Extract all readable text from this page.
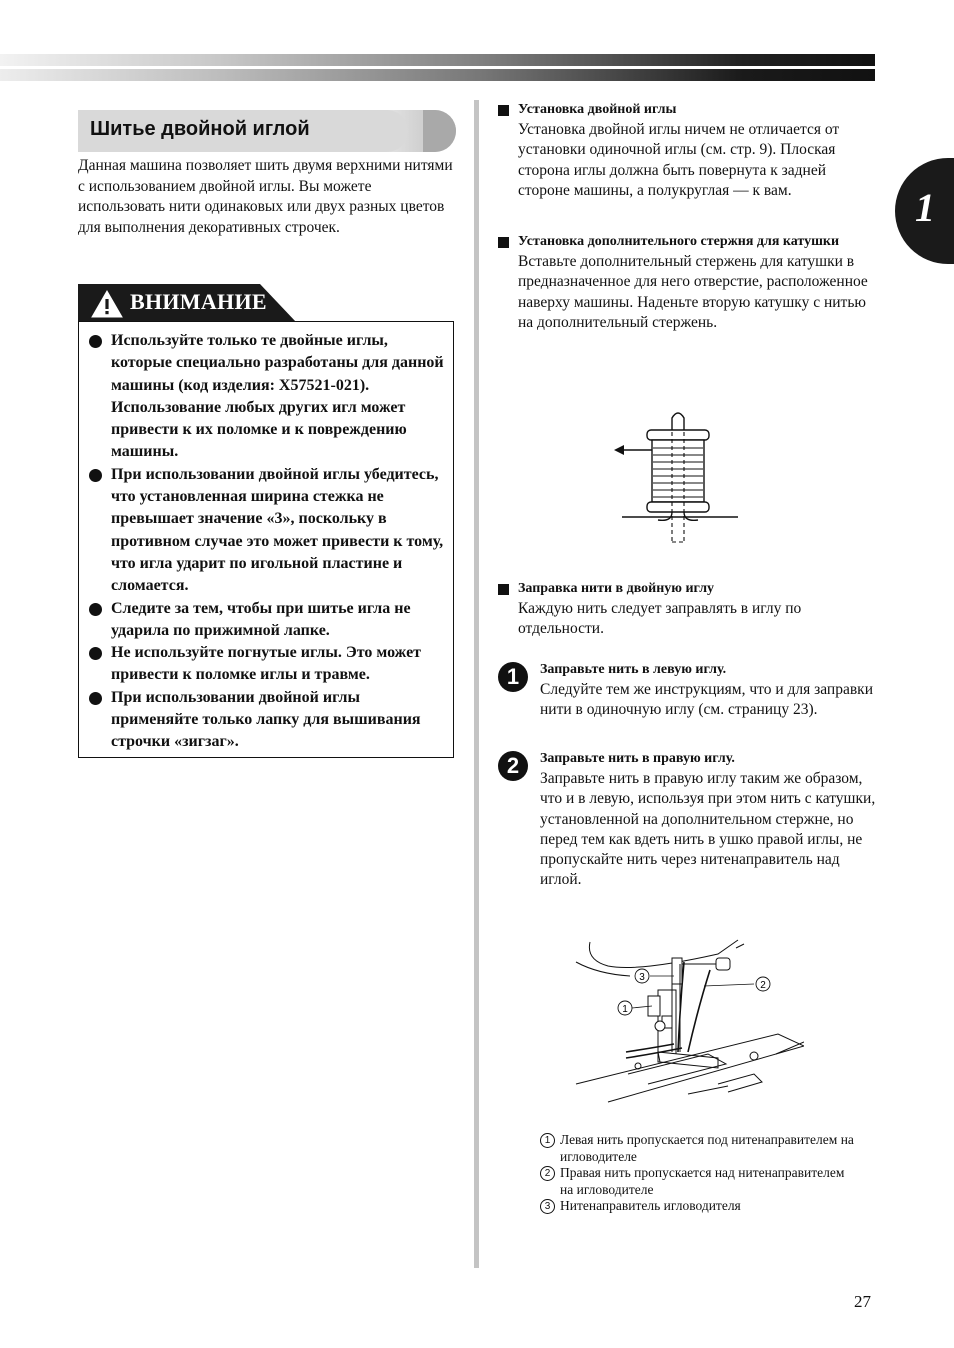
1
Шитье двойной иглой

Данная машина позволяет шить двумя верхними нитями с использованием двойной иглы. Вы можете использовать нити одинаковых или двух разных цветов для выполнения декоративных строчек.

ВНИМАНИЕ
Используйте только те двойные иглы, которые специально разработаны для данной машины (код изделия: X57521-021). Использование любых других игл может привести к их поломке и к повреждению машины.
При использовании двойной иглы убедитесь, что установленная ширина стежка не превышает значение «3», поскольку в противном случае это может привести к тому, что игла ударит по игольной пластине и сломается.
Следите за тем, чтобы при шитье игла не ударила по прижимной лапке.
Не используйте погнутые иглы. Это может привести к поломке иглы и травме.
При использовании двойной иглы применяйте только лапку для вышивания строчки «зигзаг».
Установка двойной иглы
Установка двойной иглы ничем не отличается от установки одиночной иглы (см. стр. 9). Плоская сторона иглы должна быть повернута к задней стороне машины, а полукруглая — к вам.
Установка дополнительного стержня для катушки
Вставьте дополнительный стержень для катушки в предназначенное для него отверстие, расположенное наверху машины. Наденьте вторую катушку с нитью на дополнительный стержень.
Заправка нити в двойную иглу
Каждую нить следует заправлять в иглу по отдельности.
1	Заправьте нить в левую иглу.
Следуйте тем же инструкциям, что и для заправки нити в одиночную иглу (см. страницу 23).
2	Заправьте нить в правую иглу.
Заправьте нить в правую иглу таким же образом, что и в левую, используя при этом нить с катушки, установленной на дополнительном стержне, но перед тем как вдеть нить в ушко правой иглы, не пропускайте нить через нитенаправитель над иглой.
3
2
1
1 Левая нить пропускается под нитенаправителем на игловодителе
2 Правая нить пропускается над нитенаправителем на игловодителе
3 Нитенаправитель игловодителя
27
